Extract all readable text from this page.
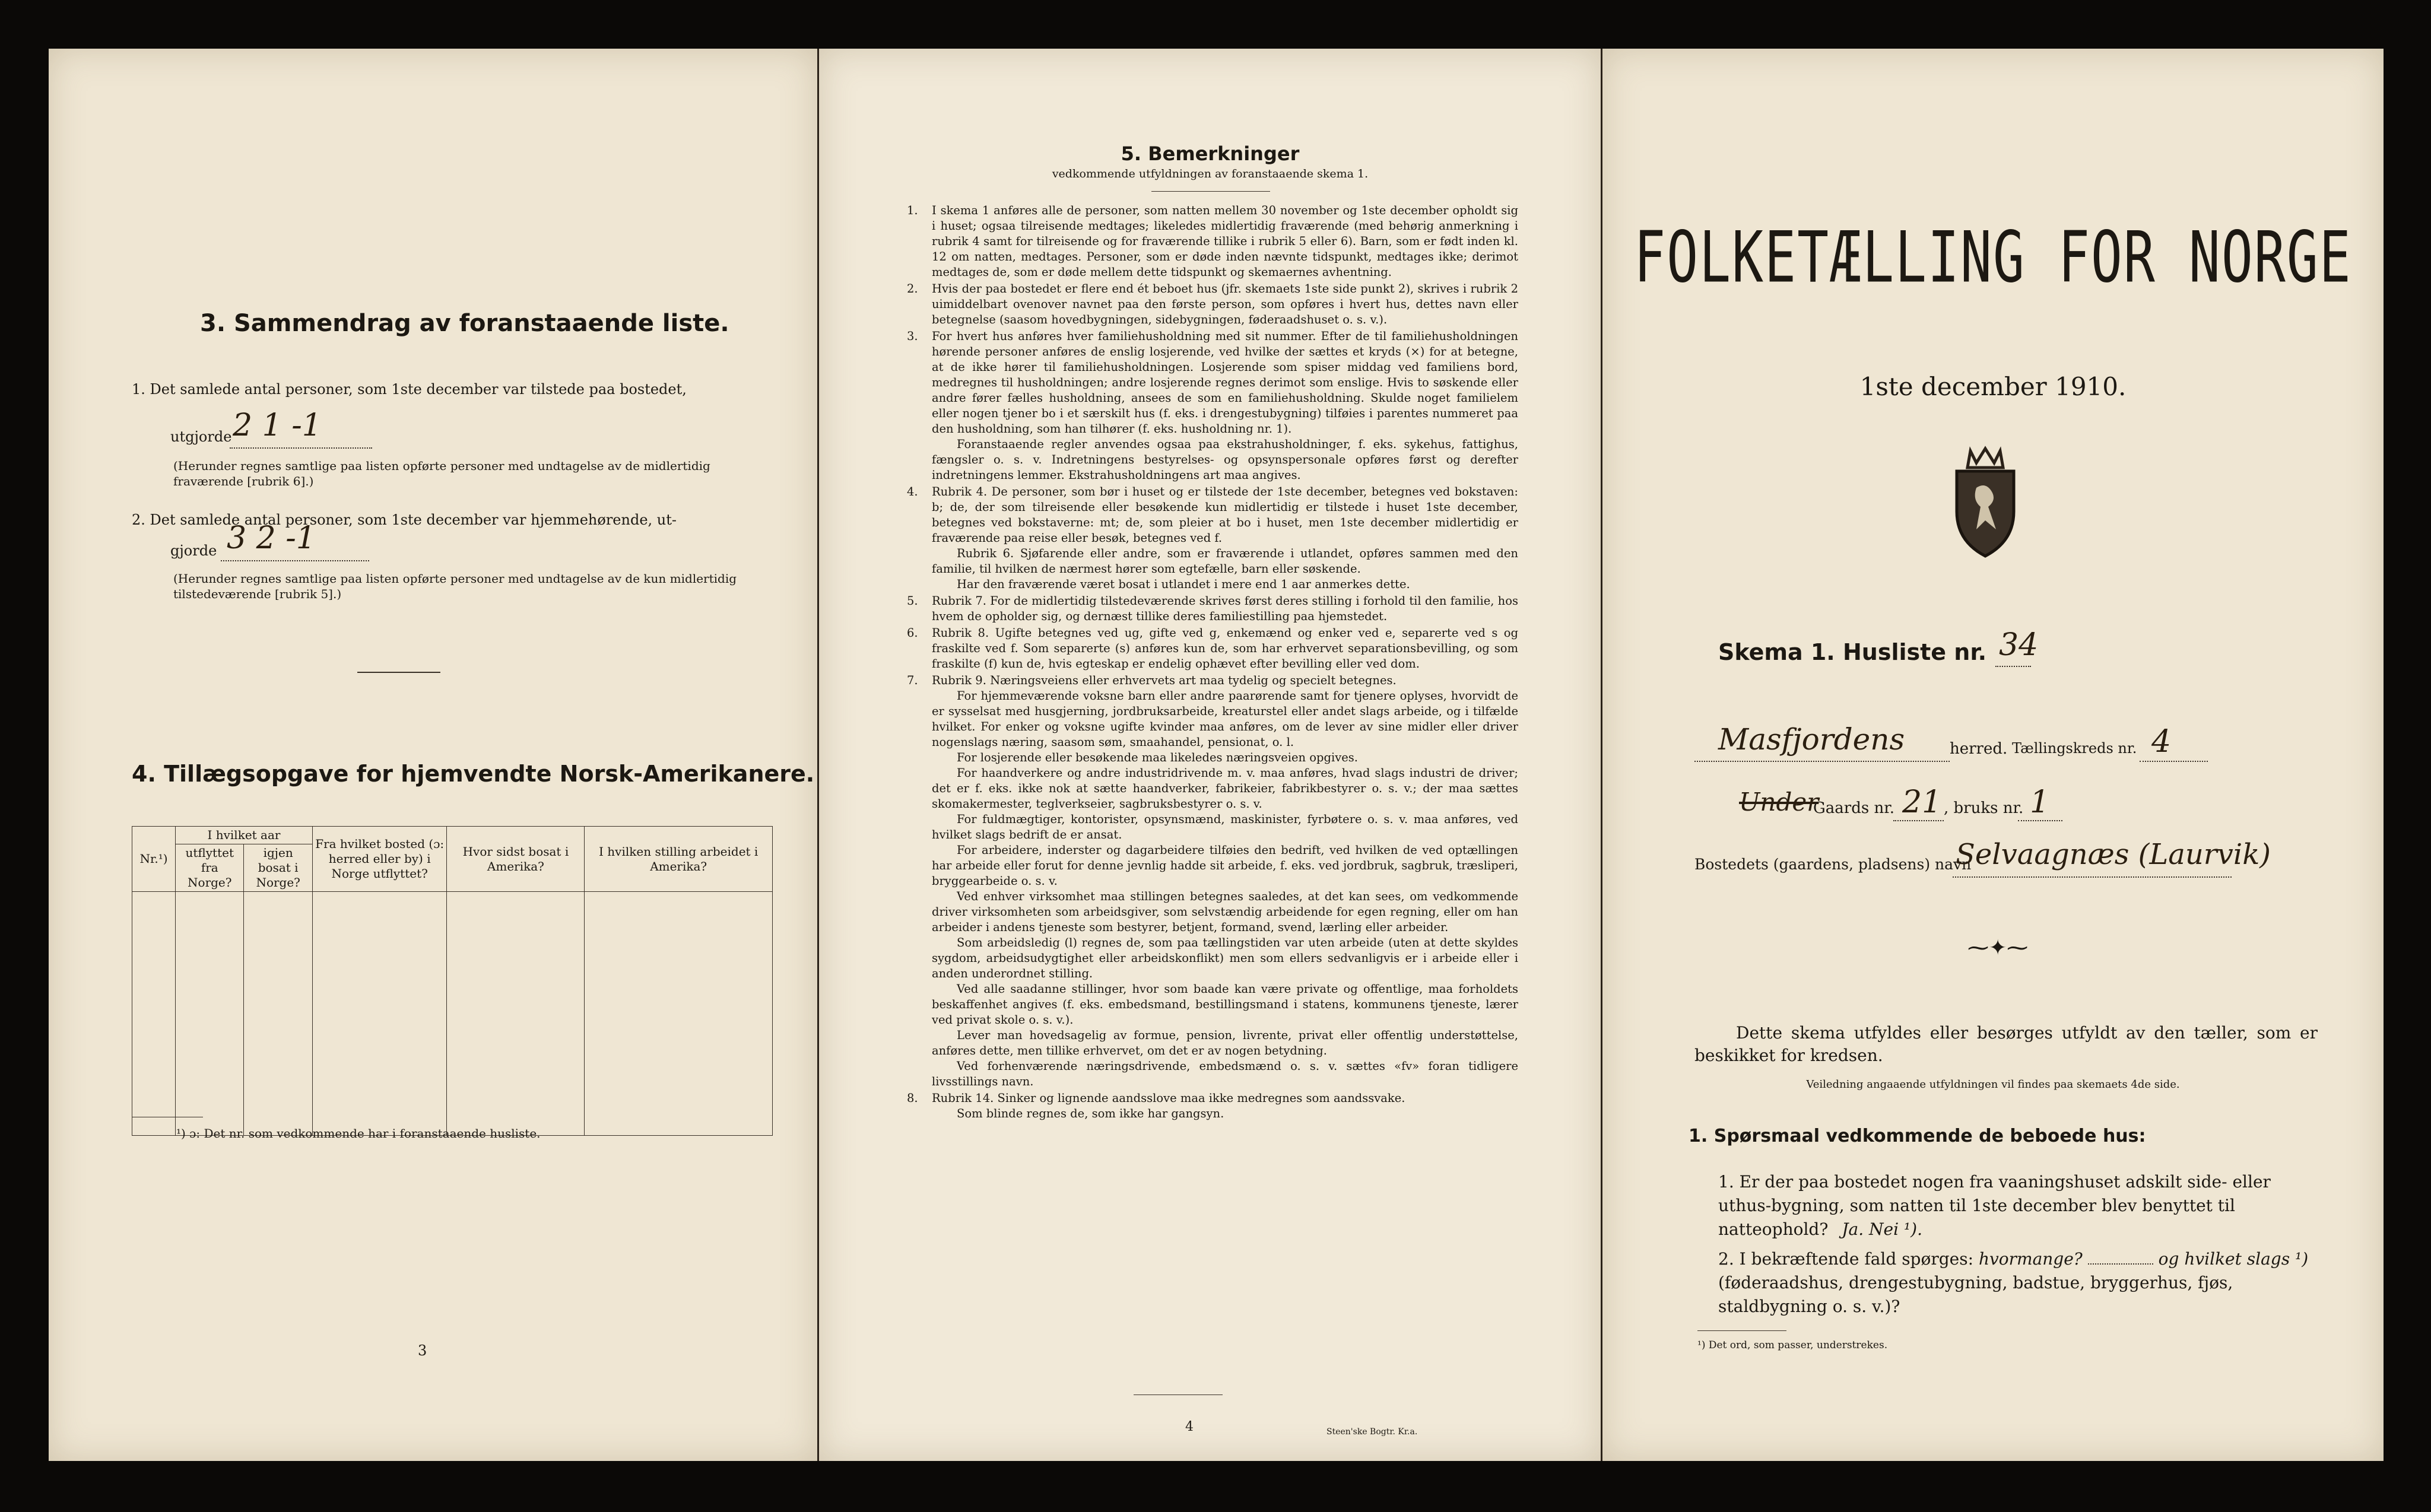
3. Sammendrag av foranstaaende liste.
1. Det samlede antal personer, som 1ste december var tilstede paa bostedet,
utgjorde 2 1 -1
(Herunder regnes samtlige paa listen opførte personer med undtagelse av de midlertidig fraværende [rubrik 6].)
2. Det samlede antal personer, som 1ste december var hjemmehørende, ut-
gjorde 3 2 -1
(Herunder regnes samtlige paa listen opførte personer med undtagelse av de kun midlertidig tilstedeværende [rubrik 5].)
4. Tillægsopgave for hjemvendte Norsk-Amerikanere.
Nr.¹)	I hvilket aar		Fra hvilket bosted (ɔ: herred eller by) i Norge utflyttet?	Hvor sidst bosat i Amerika?	I hvilken stilling arbeidet i Amerika?
	utflyttet fra Norge?	igjen bosat i Norge?			

¹) ɔ: Det nr. som vedkommende har i foranstaaende husliste.
3
5. Bemerkninger
vedkommende utfyldningen av foranstaaende skema 1.
1. I skema 1 anføres alle de personer, som natten mellem 30 november og 1ste december opholdt sig i huset; ogsaa tilreisende medtages; likeledes midlertidig fraværende (med behørig anmerkning i rubrik 4 samt for tilreisende og for fraværende tillike i rubrik 5 eller 6). Barn, som er født inden kl. 12 om natten, medtages. Personer, som er døde inden nævnte tidspunkt, medtages ikke; derimot medtages de, som er døde mellem dette tidspunkt og skemaernes avhentning.
2. Hvis der paa bostedet er flere end ét beboet hus (jfr. skemaets 1ste side punkt 2), skrives i rubrik 2 uimiddelbart ovenover navnet paa den første person, som opføres i hvert hus, dettes navn eller betegnelse (saasom hovedbygningen, sidebygningen, føderaadshuset o. s. v.).
3. For hvert hus anføres hver familiehusholdning med sit nummer. Efter de til familiehusholdningen hørende personer anføres de enslig losjerende, ved hvilke der sættes et kryds (×) for at betegne, at de ikke hører til familiehusholdningen. Losjerende som spiser middag ved familiens bord, medregnes til husholdningen; andre losjerende regnes derimot som enslige. Hvis to søskende eller andre fører fælles husholdning, ansees de som en familiehusholdning. Skulde noget familielem eller nogen tjener bo i et særskilt hus (f. eks. i drengestubygning) tilføies i parentes nummeret paa den husholdning, som han tilhører (f. eks. husholdning nr. 1).
Foranstaaende regler anvendes ogsaa paa ekstrahusholdninger, f. eks. sykehus, fattighus, fængsler o. s. v. Indretningens bestyrelses- og opsynspersonale opføres først og derefter indretningens lemmer. Ekstrahusholdningens art maa angives.
4. Rubrik 4. De personer, som bør i huset og er tilstede der 1ste december, betegnes ved bokstaven: b; de, der som tilreisende eller besøkende kun midlertidig er tilstede i huset 1ste december, betegnes ved bokstaverne: mt; de, som pleier at bo i huset, men 1ste december midlertidig er fraværende paa reise eller besøk, betegnes ved f.
Rubrik 6. Sjøfarende eller andre, som er fraværende i utlandet, opføres sammen med den familie, til hvilken de nærmest hører som egtefælle, barn eller søskende.
Har den fraværende været bosat i utlandet i mere end 1 aar anmerkes dette.
5. Rubrik 7. For de midlertidig tilstedeværende skrives først deres stilling i forhold til den familie, hos hvem de opholder sig, og dernæst tillike deres familiestilling paa hjemstedet.
6. Rubrik 8. Ugifte betegnes ved ug, gifte ved g, enkemænd og enker ved e, separerte ved s og fraskilte ved f. Som separerte (s) anføres kun de, som har erhvervet separationsbevilling, og som fraskilte (f) kun de, hvis egteskap er endelig ophævet efter bevilling eller ved dom.
7. Rubrik 9. Næringsveiens eller erhvervets art maa tydelig og specielt betegnes.
For hjemmeværende voksne barn eller andre paarørende samt for tjenere oplyses, hvorvidt de er sysselsat med husgjerning, jordbruksarbeide, kreaturstel eller andet slags arbeide, og i tilfælde hvilket. For enker og voksne ugifte kvinder maa anføres, om de lever av sine midler eller driver nogenslags næring, saasom søm, smaahandel, pensionat, o. l.
For losjerende eller besøkende maa likeledes næringsveien opgives.
For haandverkere og andre industridrivende m. v. maa anføres, hvad slags industri de driver; det er f. eks. ikke nok at sætte haandverker, fabrikeier, fabrikbestyrer o. s. v.; der maa sættes skomakermester, teglverkseier, sagbruksbestyrer o. s. v.
For fuldmægtiger, kontorister, opsynsmænd, maskinister, fyrbøtere o. s. v. maa anføres, ved hvilket slags bedrift de er ansat.
For arbeidere, inderster og dagarbeidere tilføies den bedrift, ved hvilken de ved optællingen har arbeide eller forut for denne jevnlig hadde sit arbeide, f. eks. ved jordbruk, sagbruk, træsliperi, bryggearbeide o. s. v.
Ved enhver virksomhet maa stillingen betegnes saaledes, at det kan sees, om vedkommende driver virksomheten som arbeidsgiver, som selvstændig arbeidende for egen regning, eller om han arbeider i andens tjeneste som bestyrer, betjent, formand, svend, lærling eller arbeider.
Som arbeidsledig (l) regnes de, som paa tællingstiden var uten arbeide (uten at dette skyldes sygdom, arbeidsudygtighet eller arbeidskonflikt) men som ellers sedvanligvis er i arbeide eller i anden underordnet stilling.
Ved alle saadanne stillinger, hvor som baade kan være private og offentlige, maa forholdets beskaffenhet angives (f. eks. embedsmand, bestillingsmand i statens, kommunens tjeneste, lærer ved privat skole o. s. v.).
Lever man hovedsagelig av formue, pension, livrente, privat eller offentlig understøttelse, anføres dette, men tillike erhvervet, om det er av nogen betydning.
Ved forhenværende næringsdrivende, embedsmænd o. s. v. sættes «fv» foran tidligere livsstillings navn.
8. Rubrik 14. Sinker og lignende aandsslove maa ikke medregnes som aandssvake.
Som blinde regnes de, som ikke har gangsyn.
4	Steen'ske Bogtr. Kr.a.
FOLKETÆLLING FOR NORGE
1ste december 1910.
Skema 1. Husliste nr. 34
Masfjordens	herred. Tællingskreds nr. 4
Under
Gaards nr. 21 , bruks nr. 1
Bostedets (gaardens, pladsens) navn
Selvaagnæs (Laurvik)
⁓✦⁓
Dette skema utfyldes eller besørges utfyldt av den tæller, som er beskikket for kredsen.
Veiledning angaaende utfyldningen vil findes paa skemaets 4de side.
1. Spørsmaal vedkommende de beboede hus:
1. Er der paa bostedet nogen fra vaaningshuset adskilt side- eller uthus-bygning, som natten til 1ste december blev benyttet til natteophold? Ja. Nei ¹).
2. I bekræftende fald spørges: hvormange?	og hvilket slags ¹) (føderaadshus, drengestubygning, badstue, bryggerhus, fjøs, staldbygning o. s. v.)?
¹) Det ord, som passer, understrekes.
